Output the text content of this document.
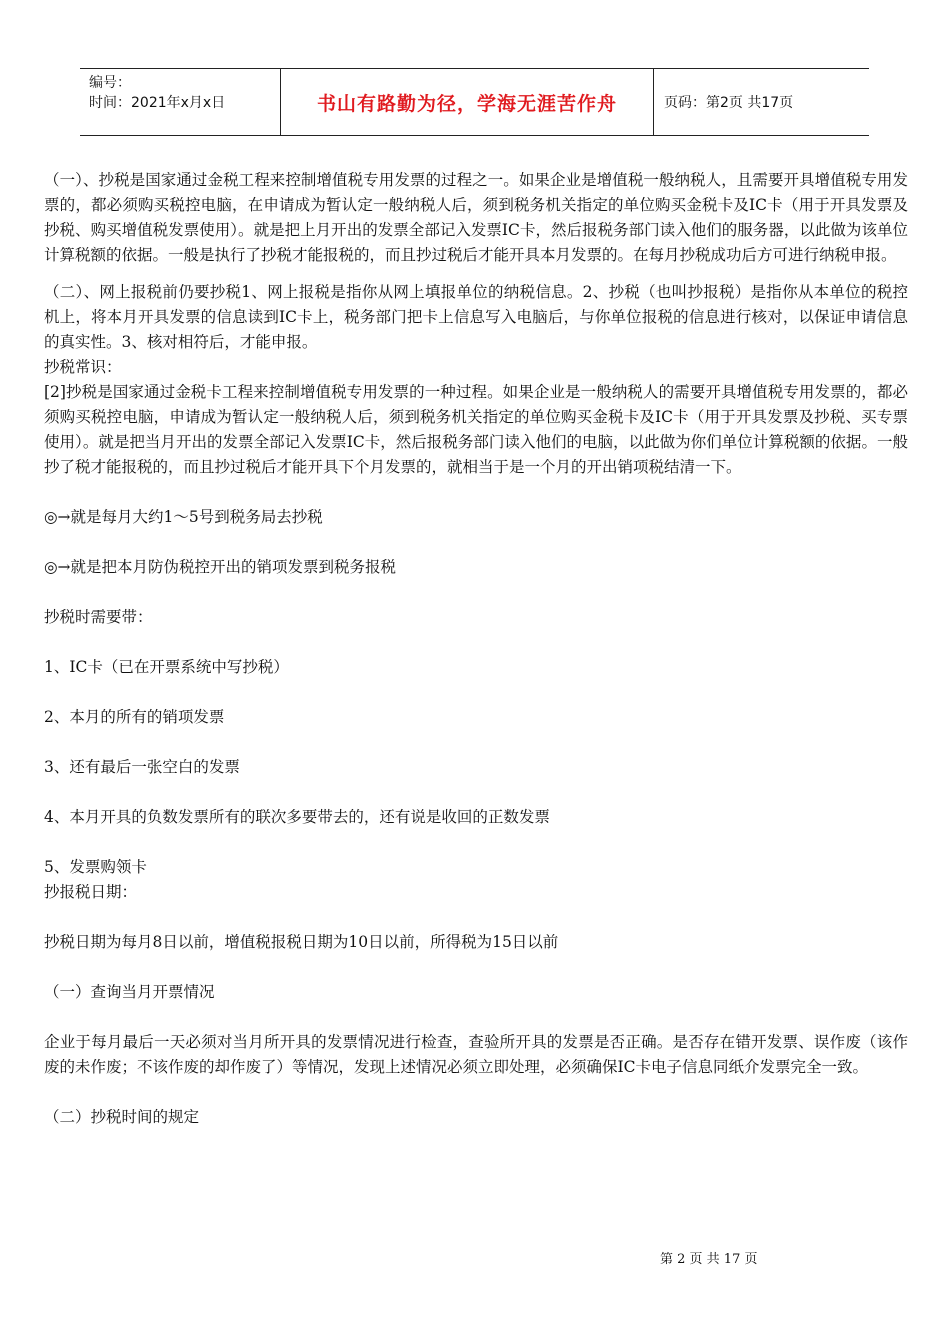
编号：
时间：2021年x月x日	书山有路勤为径，学海无涯苦作舟	页码：第2页 共17页

（一）、抄税是国家通过金税工程来控制增值税专用发票的过程之一。如果企业是增值税一般纳税人，且需要开具增值税专用发票的，都必须购买税控电脑，在申请成为暂认定一般纳税人后，须到税务机关指定的单位购买金税卡及IC卡（用于开具发票及抄税、购买增值税发票使用）。就是把上月开出的发票全部记入发票IC卡，然后报税务部门读入他们的服务器，以此做为该单位计算税额的依据。一般是执行了抄税才能报税的，而且抄过税后才能开具本月发票的。在每月抄税成功后方可进行纳税申报。

（二）、网上报税前仍要抄税1、网上报税是指你从网上填报单位的纳税信息。2、抄税（也叫抄报税）是指你从本单位的税控机上，将本月开具发票的信息读到IC卡上，税务部门把卡上信息写入电脑后，与你单位报税的信息进行核对，以保证申请信息的真实性。3、核对相符后，才能申报。

抄税常识：

[2]抄税是国家通过金税卡工程来控制增值税专用发票的一种过程。如果企业是一般纳税人的需要开具增值税专用发票的，都必须购买税控电脑，申请成为暂认定一般纳税人后，须到税务机关指定的单位购买金税卡及IC卡（用于开具发票及抄税、买专票使用）。就是把当月开出的发票全部记入发票IC卡，然后报税务部门读入他们的电脑，以此做为你们单位计算税额的依据。一般抄了税才能报税的，而且抄过税后才能开具下个月发票的，就相当于是一个月的开出销项税结清一下。

◎→就是每月大约1～5号到税务局去抄税

◎→就是把本月防伪税控开出的销项发票到税务报税

抄税时需要带：

1、IC卡（已在开票系统中写抄税）

2、本月的所有的销项发票

3、还有最后一张空白的发票

4、本月开具的负数发票所有的联次多要带去的，还有说是收回的正数发票

5、发票购领卡

抄报税日期：

抄税日期为每月8日以前，增值税报税日期为10日以前，所得税为15日以前

（一）查询当月开票情况

企业于每月最后一天必须对当月所开具的发票情况进行检查，查验所开具的发票是否正确。是否存在错开发票、误作废（该作废的未作废；不该作废的却作废了）等情况，发现上述情况必须立即处理，必须确保IC卡电子信息同纸介发票完全一致。

（二）抄税时间的规定

第 2 页 共 17 页
